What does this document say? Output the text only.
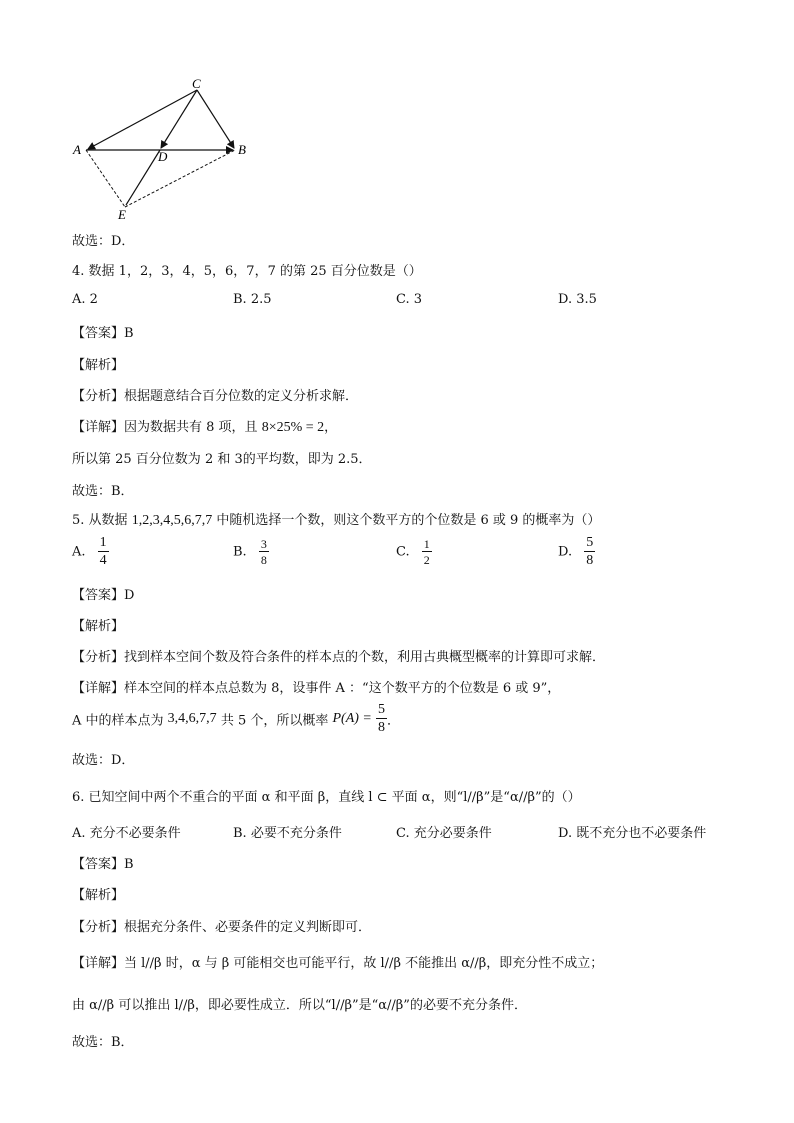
C
A	B
D
E
故选：D．
4. 数据 1，2，3，4，5，6，7，7 的第 25 百分位数是（）
A. 2	B. 2.5	C. 3	D. 3.5
【答案】B
【解析】
【分析】根据题意结合百分位数的定义分析求解．
【详解】因为数据共有 8 项，且 8×25% = 2，
所以第 25 百分位数为 2 和 3的平均数，即为 2.5．
故选：B．
5. 从数据 1,2,3,4,5,6,7,7 中随机选择一个数，则这个数平方的个位数是 6 或 9 的概率为（）
A. $\frac{1}{4}$	B. $\frac{3}{8}$	C. $\frac{1}{2}$	D. $\frac{5}{8}$
【答案】D
【解析】
【分析】找到样本空间个数及符合条件的样本点的个数，利用古典概型概率的计算即可求解．
【详解】样本空间的样本点总数为 8，设事件 A ：“这个数平方的个位数是 6 或 9”，
A 中的样本点为 3,4,6,7,7 共 5 个，所以概率 $P(A) = \frac{5}{8}$ ．
故选：D．
6. 已知空间中两个不重合的平面 α 和平面 β，直线 l ⊂ 平面 α，则“l//β”是“α//β”的（）
A. 充分不必要条件	B. 必要不充分条件	C. 充分必要条件	D. 既不充分也不必要条件
【答案】B
【解析】
【分析】根据充分条件、必要条件的定义判断即可．
【详解】当 l//β 时，α 与 β 可能相交也可能平行，故 l//β 不能推出 α//β，即充分性不成立；
由 α//β 可以推出 l//β，即必要性成立．所以“l//β”是“α//β”的必要不充分条件．
故选：B．
